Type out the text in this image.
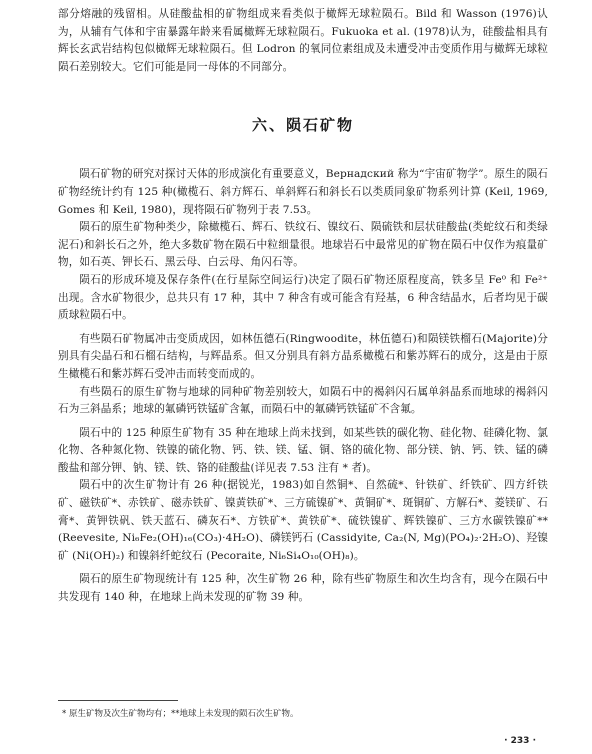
部分熔融的残留相。从硅酸盐相的矿物组成来看类似于橄辉无球粒陨石。Bild 和 Wasson (1976)认为，从辅有气体和宇宙暴露年龄来看属橄辉无球粒陨石。Fukuoka et al. (1978)认为，硅酸盐相具有辉长玄武岩结构包似橄辉无球粒陨石。但 Lodron 的氧同位素组成及未遭受冲击变质作用与橄辉无球粒陨石差别较大。它们可能是同一母体的不同部分。

六、陨石矿物

陨石矿物的研究对探讨天体的形成演化有重要意义，Вернадский 称为“宇宙矿物学”。原生的陨石矿物经统计约有 125 种(橄榄石、斜方辉石、单斜辉石和斜长石以类质同象矿物系列计算 (Keil, 1969, Gomes 和 Keil, 1980)，现将陨石矿物列于表 7.53。

陨石的原生矿物种类少，除橄榄石、辉石、铁纹石、镍纹石、陨硫铁和层状硅酸盐(类蛇纹石和类绿泥石)和斜长石之外，绝大多数矿物在陨石中粒细量很。地球岩石中最常见的矿物在陨石中仅作为痕量矿物，如石英、钾长石、黑云母、白云母、角闪石等。

陨石的形成环境及保存条件(在行星际空间运行)决定了陨石矿物还原程度高，铁多呈 Fe⁰ 和 Fe²⁺ 出现。含水矿物很少，总共只有 17 种，其中 7 种含有或可能含有羟基，6 种含结晶水，后者均见于碳质球粒陨石中。

有些陨石矿物属冲击变质成因，如林伍德石(Ringwoodite，林伍德石)和陨镁铁榴石(Majorite)分别具有尖晶石和石榴石结构，与辉晶系。但又分别具有斜方晶系橄榄石和紫苏辉石的成分，这是由于原生橄榄石和紫苏辉石受冲击而转变而成的。

有些陨石的原生矿物与地球的同种矿物差别较大，如陨石中的褐斜闪石属单斜晶系而地球的褐斜闪石为三斜晶系；地球的氟磷钙铁锰矿含氟，而陨石中的氟磷钙铁锰矿不含氟。

陨石中的 125 种原生矿物有 35 种在地球上尚未找到，如某些铁的碳化物、硅化物、硅磷化物、氯化物、各种氮化物、铁镍的硫化物、钙、铁、镁、锰、铜、铬的硫化物、部分镁、钠、钙、铁、锰的磷酸盐和部分钾、钠、镁、铁、铬的硅酸盐(详见表 7.53 注有 * 者)。

陨石中的次生矿物计有 26 种(据锐光，1983)如自然铜*、自然硫*、针铁矿、纤铁矿、四方纤铁矿、磁铁矿*、赤铁矿、磁赤铁矿、镍黄铁矿*、三方硫镍矿*、黄铜矿*、斑铜矿、方解石*、菱镁矿、石膏*、黄钾铁矾、铁天蓝石、磷灰石*、方铁矿*、黄铁矿*、硫铁镍矿、辉铁镍矿、三方水碳铁镍矿** (Reevesite, Ni₆Fe₂(OH)₁₆(CO₃)·4H₂O)、磷镁钙石 (Cassidyite, Ca₂(N, Mg)(PO₄)₂·2H₂O)、羟镍矿 (Ni(OH)₂) 和镍斜纤蛇纹石 (Pecoraite, Ni₆Si₄O₁₀(OH)₈)。

陨石的原生矿物现统计有 125 种，次生矿物 26 种，除有些矿物原生和次生均含有，现今在陨石中共发现有 140 种，在地球上尚未发现的矿物 39 种。

* 原生矿物及次生矿物均有；**地球上未发现的陨石次生矿物。
· 233 ·
